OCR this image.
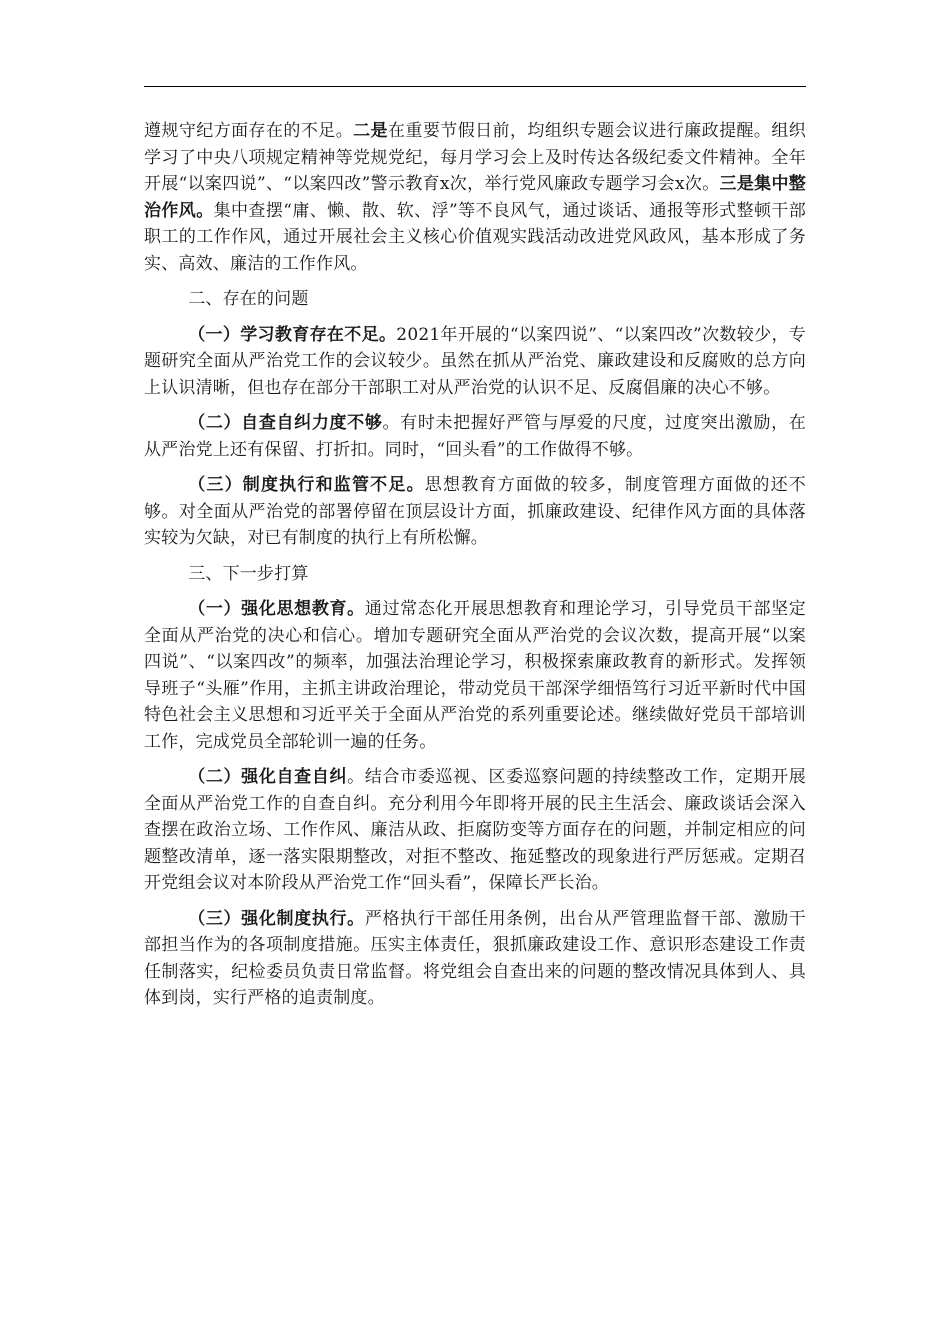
遵规守纪方面存在的不足。二是在重要节假日前，均组织专题会议进行廉政提醒。组织学习了中央八项规定精神等党规党纪，每月学习会上及时传达各级纪委文件精神。全年开展“以案四说”、“以案四改”警示教育x次，举行党风廉政专题学习会x次。三是集中整治作风。集中查摆“庸、懒、散、软、浮”等不良风气，通过谈话、通报等形式整顿干部职工的工作作风，通过开展社会主义核心价值观实践活动改进党风政风，基本形成了务实、高效、廉洁的工作作风。

二、存在的问题

（一）学习教育存在不足。2021年开展的“以案四说”、“以案四改”次数较少，专题研究全面从严治党工作的会议较少。虽然在抓从严治党、廉政建设和反腐败的总方向上认识清晰，但也存在部分干部职工对从严治党的认识不足、反腐倡廉的决心不够。

（二）自查自纠力度不够。有时未把握好严管与厚爱的尺度，过度突出激励，在从严治党上还有保留、打折扣。同时，“回头看”的工作做得不够。

（三）制度执行和监管不足。思想教育方面做的较多，制度管理方面做的还不够。对全面从严治党的部署停留在顶层设计方面，抓廉政建设、纪律作风方面的具体落实较为欠缺，对已有制度的执行上有所松懈。

三、下一步打算

（一）强化思想教育。通过常态化开展思想教育和理论学习，引导党员干部坚定全面从严治党的决心和信心。增加专题研究全面从严治党的会议次数，提高开展“以案四说”、“以案四改”的频率，加强法治理论学习，积极探索廉政教育的新形式。发挥领导班子“头雁”作用，主抓主讲政治理论，带动党员干部深学细悟笃行习近平新时代中国特色社会主义思想和习近平关于全面从严治党的系列重要论述。继续做好党员干部培训工作，完成党员全部轮训一遍的任务。

（二）强化自查自纠。结合市委巡视、区委巡察问题的持续整改工作，定期开展全面从严治党工作的自查自纠。充分利用今年即将开展的民主生活会、廉政谈话会深入查摆在政治立场、工作作风、廉洁从政、拒腐防变等方面存在的问题，并制定相应的问题整改清单，逐一落实限期整改，对拒不整改、拖延整改的现象进行严厉惩戒。定期召开党组会议对本阶段从严治党工作“回头看”，保障长严长治。

（三）强化制度执行。严格执行干部任用条例，出台从严管理监督干部、激励干部担当作为的各项制度措施。压实主体责任，狠抓廉政建设工作、意识形态建设工作责任制落实，纪检委员负责日常监督。将党组会自查出来的问题的整改情况具体到人、具体到岗，实行严格的追责制度。
